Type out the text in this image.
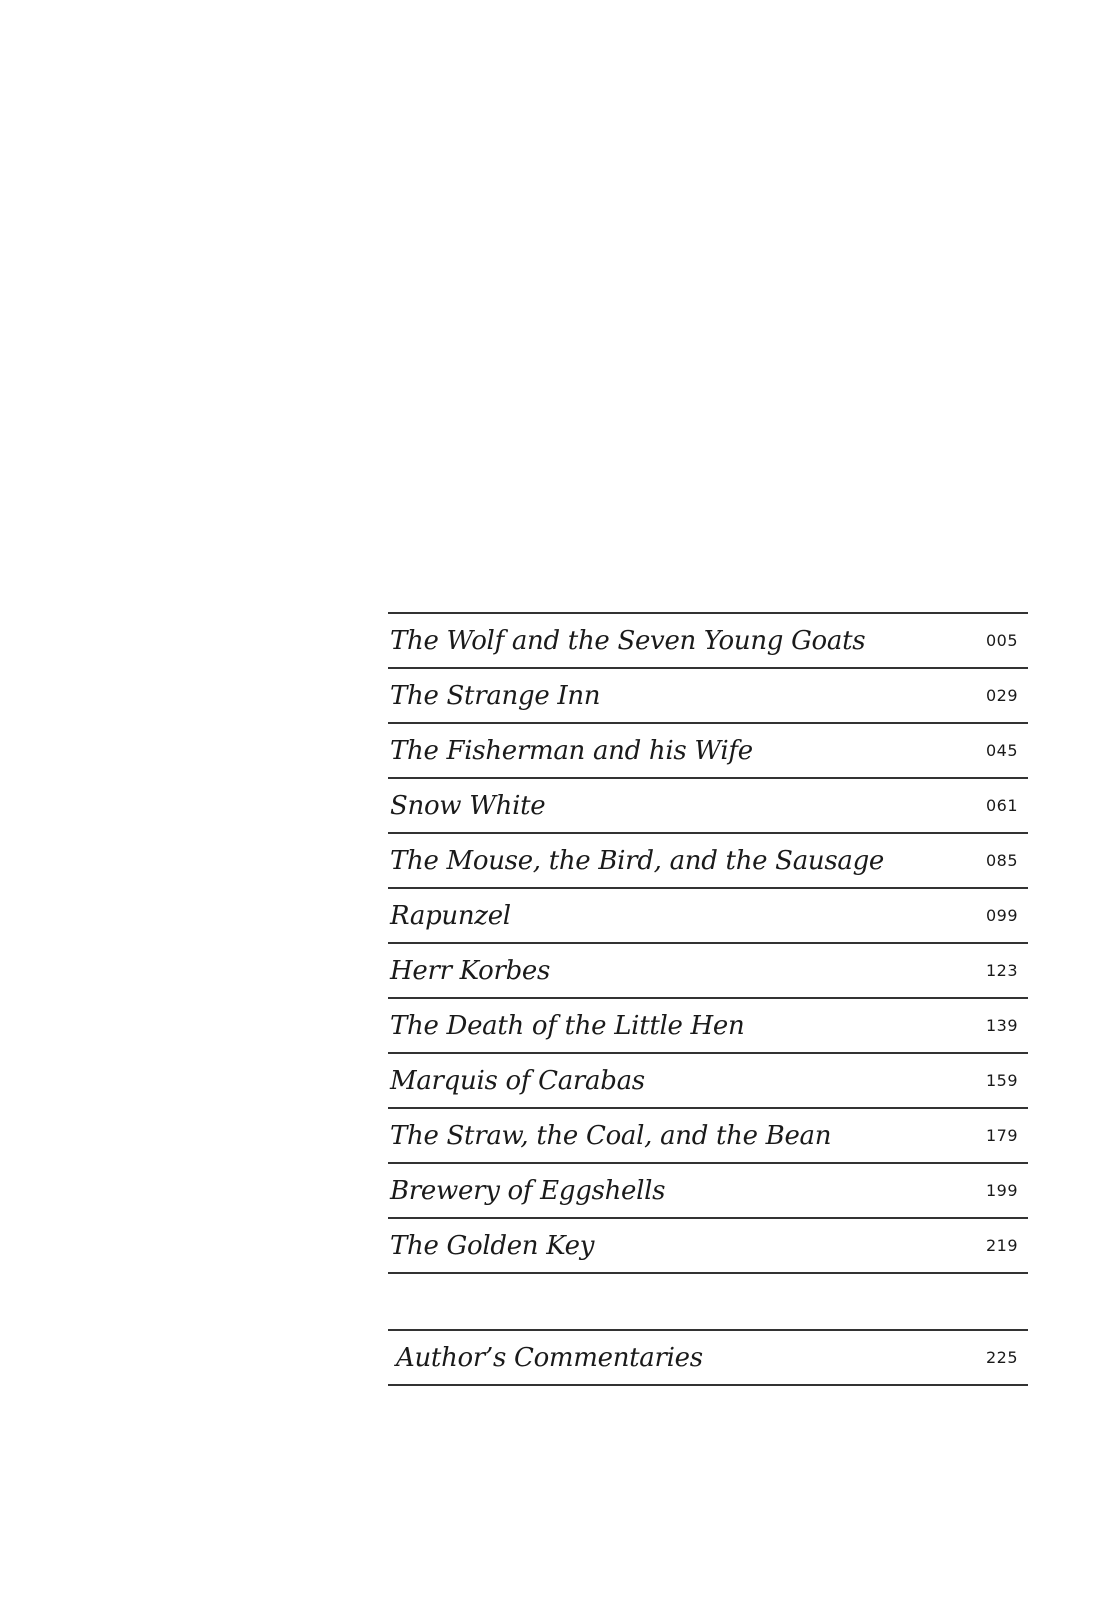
The Wolf and the Seven Young Goats	005
The Strange Inn	029
The Fisherman and his Wife	045
Snow White	061
The Mouse, the Bird, and the Sausage	085
Rapunzel	099
Herr Korbes	123
The Death of the Little Hen	139
Marquis of Carabas	159
The Straw, the Coal, and the Bean	179
Brewery of Eggshells	199
The Golden Key	219
Author’s Commentaries	225
